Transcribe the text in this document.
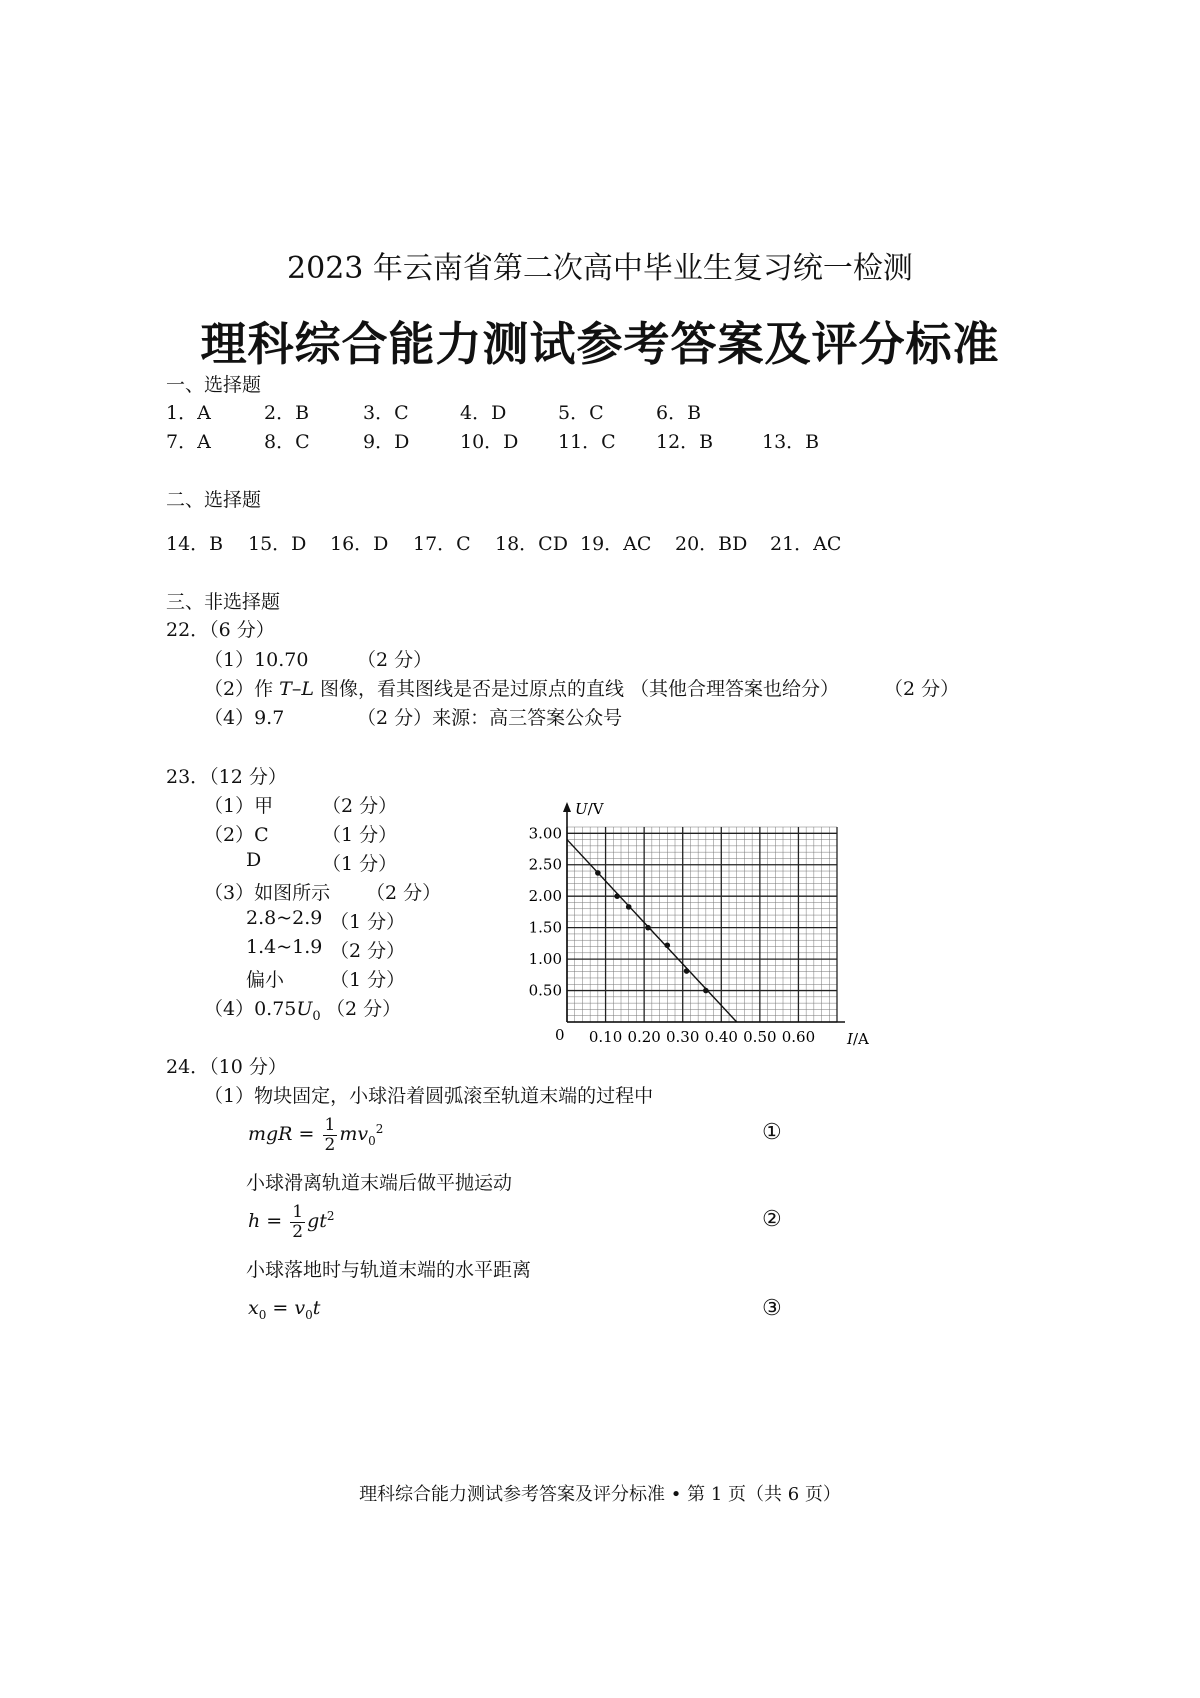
2023 年云南省第二次高中毕业生复习统一检测
理科综合能力测试参考答案及评分标准
一、选择题
1．A	2．B	3．C	4．D	5．C	6．B
7．A	8．C	9．D	10．D 11．C 12．B	13．B
二、选择题
14．B 15．D 16．D 17．C 18．CD 19．AC 20．BD 21．AC
三、非选择题
22．（6 分）
（1）10.70	（2 分）
（2）作 T–L 图像，看其图线是否是过原点的直线 （其他合理答案也给分） （2 分）
（4）9.7	（2 分）来源：高三答案公众号
23．（12 分）
（1）甲	（2 分）
（2）C	（1 分）
D	（1 分）
（3）如图所示 （2 分）
2.8~2.9 （1 分）
1.4~1.9 （2 分）
偏小 （1 分）
$(4)0.75U_0$ （2 分）
0.10 0.20 0.30 0.40 0.50 0.60
0.50
1.00
1.50
2.00
2.50
3.00
U/V
I/A
0
24．（10 分）
（1）物块固定，小球沿着圆弧滚至轨道末端的过程中
mgR = $\frac{1}{2} mv_0^2$	①
小球滑离轨道末端后做平抛运动
$h = \frac{1}{2} gt^2$	②
小球落地时与轨道末端的水平距离
$x_0 = v_0t$	③
理科综合能力测试参考答案及评分标准 • 第 1 页（共 6 页）
